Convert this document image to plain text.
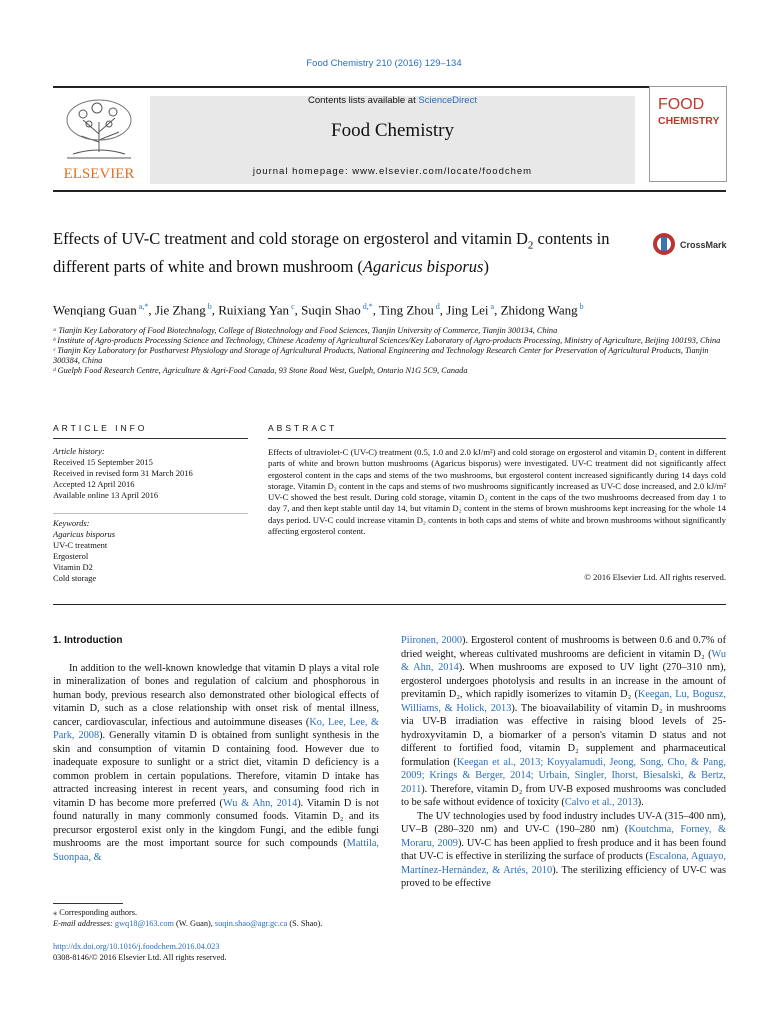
Food Chemistry 210 (2016) 129–134
ELSEVIER
Contents lists available at ScienceDirect
Food Chemistry
journal homepage: www.elsevier.com/locate/foodchem
FOOD
CHEMISTRY
Effects of UV-C treatment and cold storage on ergosterol and vitamin $D_2$ contents in different parts of white and brown mushroom (Agaricus bisporus)
CrossMark
Wenqiang Guan $^{a,*}$, Jie Zhang $^b$, Ruixiang Yan $^c$, Suqin Shao $^{d,*}$, Ting Zhou $^d$, Jing Lei $^a$, Zhidong Wang $^b$
ᵃ Tianjin Key Laboratory of Food Biotechnology, College of Biotechnology and Food Sciences, Tianjin University of Commerce, Tianjin 300134, China
ᵇ Institute of Agro-products Processing Science and Technology, Chinese Academy of Agricultural Sciences/Key Laboratory of Agro-products Processing, Ministry of Agriculture, Beijing 100193, China
ᶜ Tianjin Key Laboratory for Postharvest Physiology and Storage of Agricultural Products, National Engineering and Technology Research Center for Preservation of Agricultural Products, Tianjin 300384, China
ᵈ Guelph Food Research Centre, Agriculture & Agri-Food Canada, 93 Stone Road West, Guelph, Ontario N1G 5C9, Canada
ARTICLE INFO	ABSTRACT
Article history:
Received 15 September 2015
Received in revised form 31 March 2016
Accepted 12 April 2016
Available online 13 April 2016
Keywords:
Agaricus bisporus
UV-C treatment
Ergosterol
Vitamin D2
Cold storage
Effects of ultraviolet-C (UV-C) treatment (0.5, 1.0 and 2.0 kJ/m²) and cold storage on ergosterol and vitamin D₂ content in different parts of white and brown button mushrooms (Agaricus bisporus) were investigated. UV-C treatment did not significantly affect ergosterol content in the caps and stems of the two mushrooms, but ergosterol content increased significantly during 14 days cold storage. Vitamin D₂ content in the caps and stems of two mushrooms significantly increased as UV-C dose increased, and 2.0 kJ/m² UV-C showed the best result. During cold storage, vitamin D₂ content in the caps of the two mushrooms decreased from day 1 to day 7, and then kept stable until day 14, but vitamin D₂ content in the stems of brown mushrooms kept increasing for the whole 14 days period. UV-C could increase vitamin D₂ contents in both caps and stems of white and brown mushrooms without significantly affecting ergosterol content.
© 2016 Elsevier Ltd. All rights reserved.

1. Introduction

In addition to the well-known knowledge that vitamin D plays a vital role in mineralization of bones and regulation of calcium and phosphorous in human body, previous research also demonstrated other biological effects of vitamin D, such as a close relationship with onset risk of mental illness, cancer, cardiovascular, infectious and autoimmune diseases (Ko, Lee, Lee, & Park, 2008). Generally vitamin D is obtained from sunlight synthesis in the skin and consumption of vitamin D containing food. However due to inadequate exposure to sunlight or a strict diet, vitamin D deficiency is a common problem in certain populations. Therefore, vitamin D intake has attracted increasing interest in recent years, and consuming food rich in vitamin D has become more preferred (Wu & Ahn, 2014). Vitamin D is not found naturally in many commonly consumed foods. Vitamin D₂ and its precursor ergosterol exist only in the kingdom Fungi, and the edible fungi mushrooms are the most important source for such compounds (Mattila, Suonpaa, &

Piironen, 2000). Ergosterol content of mushrooms is between 0.6 and 0.7% of dried weight, whereas cultivated mushrooms are deficient in vitamin D₂ (Wu & Ahn, 2014). When mushrooms are exposed to UV light (270–310 nm), ergosterol undergoes photolysis and results in an increase in the amount of previtamin D₂, which rapidly isomerizes to vitamin D₂ (Keegan, Lu, Bogusz, Williams, & Holick, 2013). The bioavailability of vitamin D₂ in mushrooms via UV-B irradiation was effective in raising blood levels of 25-hydroxyvitamin D, a biomarker of a person's vitamin D status and not different to fortified food, vitamin D₂ supplement and pharmaceutical formulation (Keegan et al., 2013; Koyyalamudi, Jeong, Song, Cho, & Pang, 2009; Krings & Berger, 2014; Urbain, Singler, Ihorst, Biesalski, & Bertz, 2011). Therefore, vitamin D₂ from UV-B exposed mushrooms was concluded to be safe without evidence of toxicity (Calvo et al., 2013).

The UV technologies used by food industry includes UV-A (315–400 nm), UV–B (280–320 nm) and UV-C (190–280 nm) (Koutchma, Forney, & Moraru, 2009). UV-C has been applied to fresh produce and it has been found that UV-C is effective in sterilizing the surface of products (Escalona, Aguayo, Martínez-Hernández, & Artés, 2010). The sterilizing efficiency of UV-C was proved to be effective

⁎ Corresponding authors.
E-mail addresses: gwq18@163.com (W. Guan), suqin.shao@agr.gc.ca (S. Shao).
http://dx.doi.org/10.1016/j.foodchem.2016.04.023
0308-8146/© 2016 Elsevier Ltd. All rights reserved.
